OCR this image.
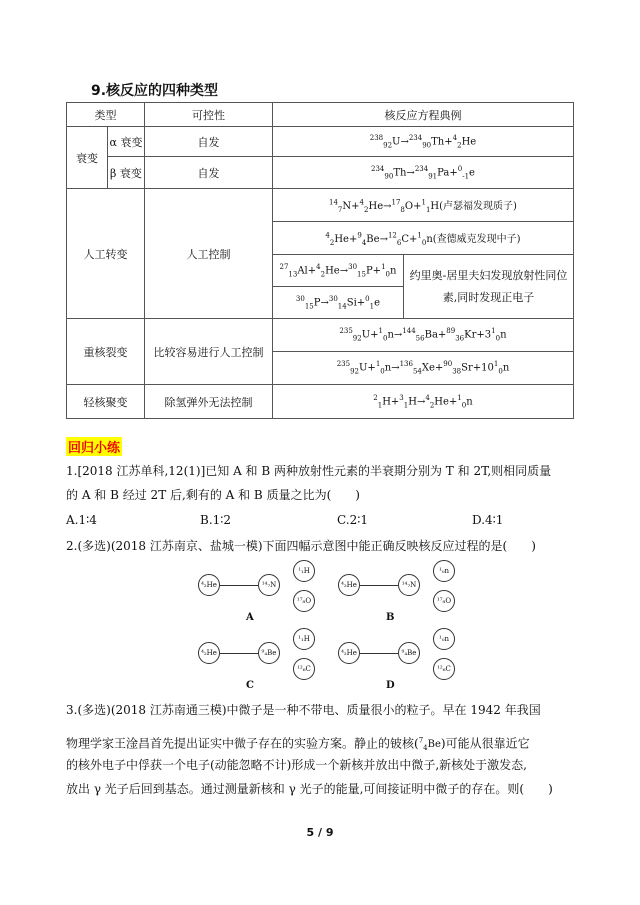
9.核反应的四种类型
类型		可控性	核反应方程典例	
衰变	α 衰变	自发	$^{238}_{92}$U→$^{234}_{90}$Th+$^4_2$He	
	β 衰变	自发	$^{234}_{90}$Th→$^{234}_{91}$Pa+$^0_{-1}$e	
人工转变		人工控制	$^{14}_7$N+$^4_2$He→$^{17}_8$O+$^1_1$H(卢瑟福发现质子)	
			$^4_2$He+$^9_4$Be→$^{12}_6$C+$^1_0$n(查德威克发现中子)	
			$^{27}_{13}$Al+$^4_2$He→$^{30}_{15}$P+$^1_0$n	约里奥-居里夫妇发现放射性同位素,同时发现正电子
			$^{30}_{15}$P→$^{30}_{14}$Si+$^0_1$e	
重核裂变		比较容易进行人工控制	$^{235}_{92}U+^1_0n\to^{144}_{56}Ba+^{89}_{36}Kr+3^1_0n$	
			$^{235}_{92}U+^1_0n\to^{136}_{54}Xe+^{90}_{38}Sr+10^1_0n$	
轻核聚变		除氢弹外无法控制	$^2_1$H+$^3_1$H→$^4_2$He+$^1_0$n	
回归小练
1.[2018 江苏单科,12(1)]已知 A 和 B 两种放射性元素的半衰期分别为 T 和 2T,则相同质量
的 A 和 B 经过 2T 后,剩有的 A 和 B 质量之比为(　　)
A.1∶4	B.1∶2	C.2∶1	D.4∶1
2.(多选)(2018 江苏南京、盐城一模)下面四幅示意图中能正确反映核反应过程的是(　　)
⁴₂He	¹⁴₇N
¹₁H
¹⁷₈O
A
⁴₂He	¹⁴₇N
¹₀n
¹⁷₈O
B
⁴₂He	⁹₄Be
¹₁H
¹²₆C
C
⁴₂He	⁹₄Be
¹₀n
¹²₆C
D
3.(多选)(2018 江苏南通三模)中微子是一种不带电、质量很小的粒子。早在 1942 年我国
物理学家王淦昌首先提出证实中微子存在的实验方案。静止的铍核($^7_4$Be)可能从很靠近它
的核外电子中俘获一个电子(动能忽略不计)形成一个新核并放出中微子,新核处于激发态,
放出 γ 光子后回到基态。通过测量新核和 γ 光子的能量,可间接证明中微子的存在。则(　　)
5 / 9
